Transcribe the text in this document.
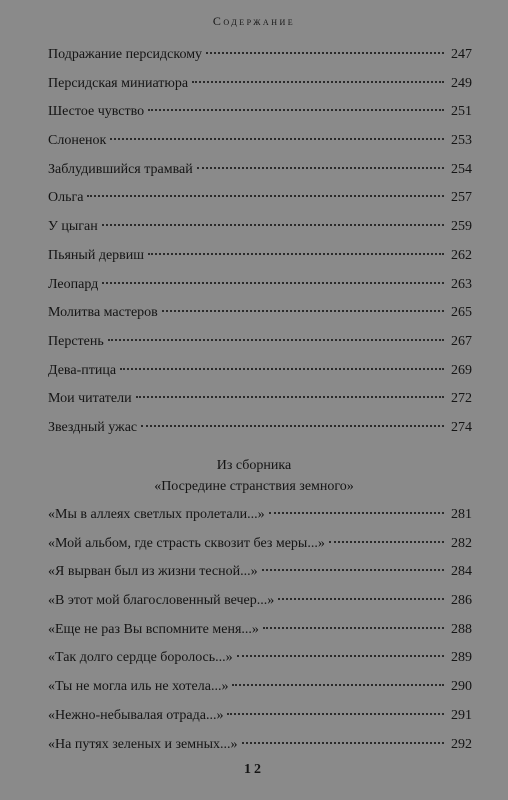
Содержание
Подражание персидскому	247
Персидская миниатюра	249
Шестое чувство	251
Слоненок	253
Заблудившийся трамвай	254
Ольга	257
У цыган	259
Пьяный дервиш	262
Леопард	263
Молитва мастеров	265
Перстень	267
Дева-птица	269
Мои читатели	272
Звездный ужас	274
Из сборника
«Посредине странствия земного»
«Мы в аллеях светлых пролетали...»	281
«Мой альбом, где страсть сквозит без меры...»	282
«Я вырван был из жизни тесной...»	284
«В этот мой благословенный вечер...»	286
«Еще не раз Вы вспомните меня...»	288
«Так долго сердце боролось...»	289
«Ты не могла иль не хотела...»	290
«Нежно-небывалая отрада...»	291
«На путях зеленых и земных...»	292
12
